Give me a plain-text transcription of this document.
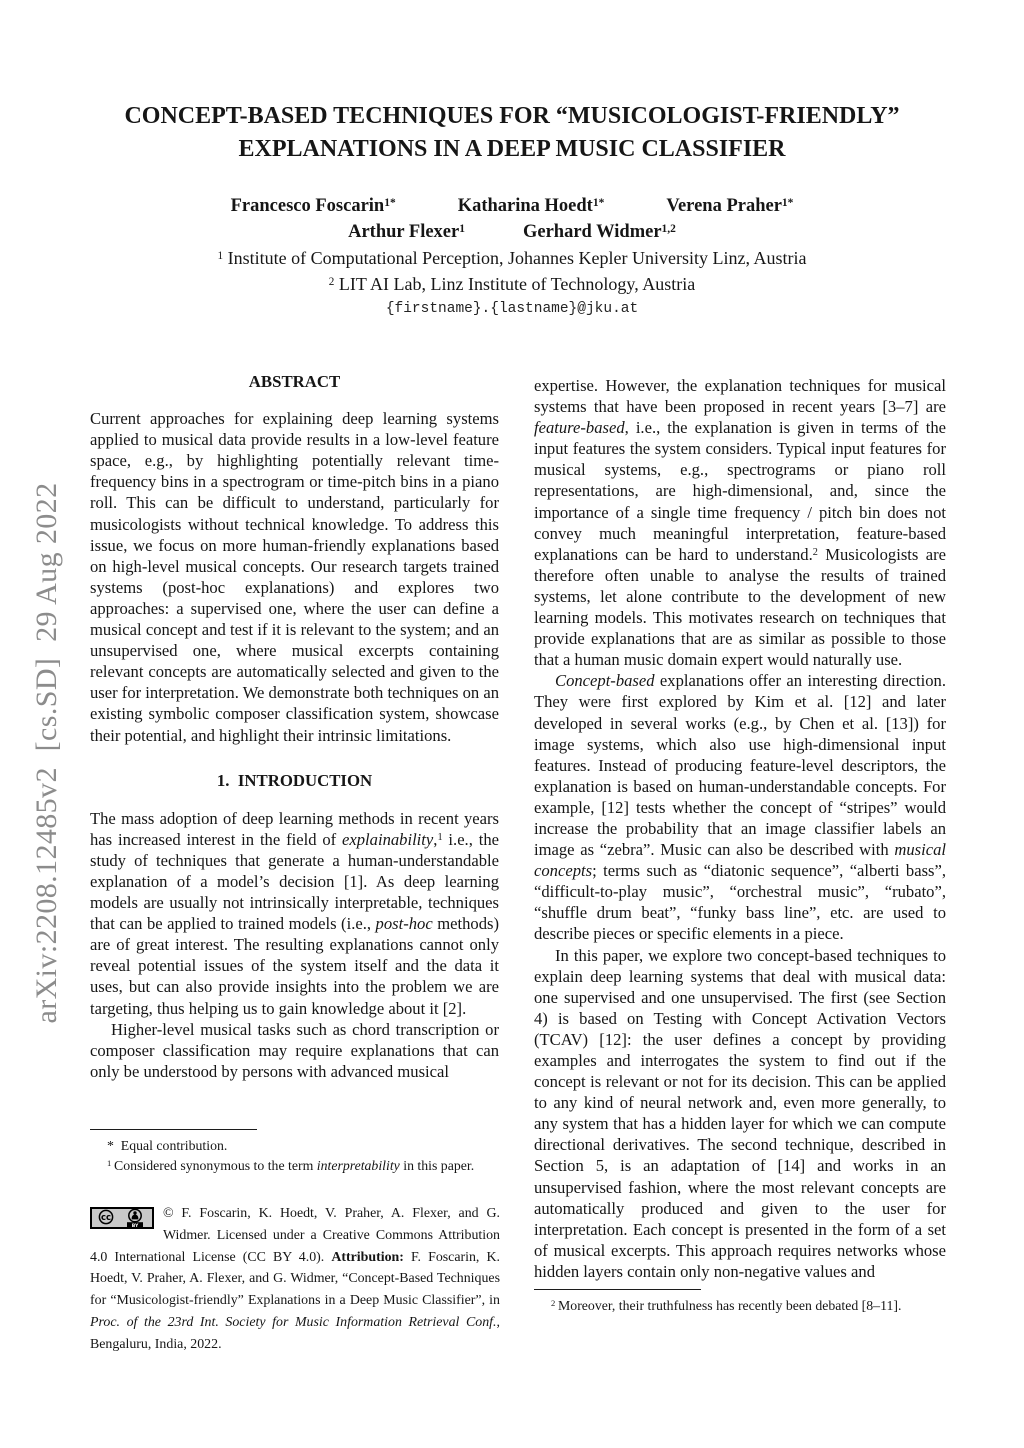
arXiv:2208.12485v2  [cs.SD]  29 Aug 2022
CONCEPT-BASED TECHNIQUES FOR “MUSICOLOGIST-FRIENDLY”
EXPLANATIONS IN A DEEP MUSIC CLASSIFIER
Francesco Foscarin$^{1*}$	Katharina Hoedt$^{1*}$	Verena Praher$^{1*}$
Arthur Flexer$^1$	Gerhard Widmer$^{1,2}$
$^1$ Institute of Computational Perception, Johannes Kepler University Linz, Austria
$^2$ LIT AI Lab, Linz Institute of Technology, Austria
{firstname}.{lastname}@jku.at
ABSTRACT

Current approaches for explaining deep learning systems applied to musical data provide results in a low-level feature space, e.g., by highlighting potentially relevant time-frequency bins in a spectrogram or time-pitch bins in a piano roll. This can be difficult to understand, particularly for musicologists without technical knowledge. To address this issue, we focus on more human-friendly explanations based on high-level musical concepts. Our research targets trained systems (post-hoc explanations) and explores two approaches: a supervised one, where the user can define a musical concept and test if it is relevant to the system; and an unsupervised one, where musical excerpts containing relevant concepts are automatically selected and given to the user for interpretation. We demonstrate both techniques on an existing symbolic composer classification system, showcase their potential, and highlight their intrinsic limitations.

1. INTRODUCTION

The mass adoption of deep learning methods in recent years has increased interest in the field of explainability,$^1$ i.e., the study of techniques that generate a human-understandable explanation of a model’s decision [1]. As deep learning models are usually not intrinsically interpretable, techniques that can be applied to trained models (i.e., post-hoc methods) are of great interest. The resulting explanations cannot only reveal potential issues of the system itself and the data it uses, but can also provide insights into the problem we are targeting, thus helping us to gain knowledge about it [2].

Higher-level musical tasks such as chord transcription or composer classification may require explanations that can only be understood by persons with advanced musical

* Equal contribution.

$^1$ Considered synonymous to the term interpretability in this paper.

cc
BY
© F. Foscarin, K. Hoedt, V. Praher, A. Flexer, and G. Widmer. Licensed under a Creative Commons Attribution 4.0 International License (CC BY 4.0). Attribution: F. Foscarin, K. Hoedt, V. Praher, A. Flexer, and G. Widmer, “Concept-Based Techniques for “Musicologist-friendly” Explanations in a Deep Music Classifier”, in Proc. of the 23rd Int. Society for Music Information Retrieval Conf., Bengaluru, India, 2022.

expertise. However, the explanation techniques for musical systems that have been proposed in recent years [3–7] are feature-based, i.e., the explanation is given in terms of the input features the system considers. Typical input features for musical systems, e.g., spectrograms or piano roll representations, are high-dimensional, and, since the importance of a single time frequency / pitch bin does not convey much meaningful interpretation, feature-based explanations can be hard to understand.$^2$ Musicologists are therefore often unable to analyse the results of trained systems, let alone contribute to the development of new learning models. This motivates research on techniques that provide explanations that are as similar as possible to those that a human music domain expert would naturally use.

Concept-based explanations offer an interesting direction. They were first explored by Kim et al. [12] and later developed in several works (e.g., by Chen et al. [13]) for image systems, which also use high-dimensional input features. Instead of producing feature-level descriptors, the explanation is based on human-understandable concepts. For example, [12] tests whether the concept of “stripes” would increase the probability that an image classifier labels an image as “zebra”. Music can also be described with musical concepts; terms such as “diatonic sequence”, “alberti bass”, “difficult-to-play music”, “orchestral music”, “rubato”, “shuffle drum beat”, “funky bass line”, etc. are used to describe pieces or specific elements in a piece.

In this paper, we explore two concept-based techniques to explain deep learning systems that deal with musical data: one supervised and one unsupervised. The first (see Section 4) is based on Testing with Concept Activation Vectors (TCAV) [12]: the user defines a concept by providing examples and interrogates the system to find out if the concept is relevant or not for its decision. This can be applied to any kind of neural network and, even more generally, to any system that has a hidden layer for which we can compute directional derivatives. The second technique, described in Section 5, is an adaptation of [14] and works in an unsupervised fashion, where the most relevant concepts are automatically produced and given to the user for interpretation. Each concept is presented in the form of a set of musical excerpts. This approach requires networks whose hidden layers contain only non-negative values and

$^2$ Moreover, their truthfulness has recently been debated [8–11].
